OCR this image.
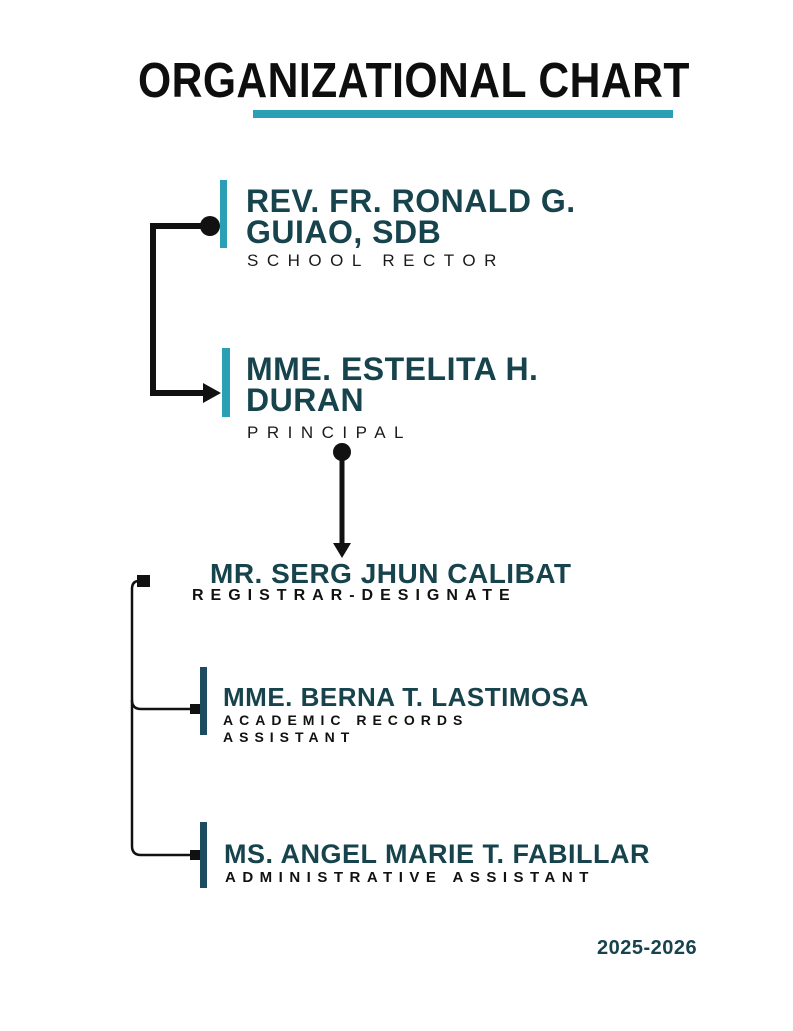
ORGANIZATIONAL CHART
REV. FR. RONALD G. GUIAO, SDB
SCHOOL RECTOR
MME. ESTELITA H. DURAN
PRINCIPAL
MR. SERG JHUN CALIBAT
REGISTRAR-DESIGNATE
MME. BERNA T. LASTIMOSA
ACADEMIC RECORDS ASSISTANT
MS. ANGEL MARIE T. FABILLAR
ADMINISTRATIVE ASSISTANT
2025-2026
